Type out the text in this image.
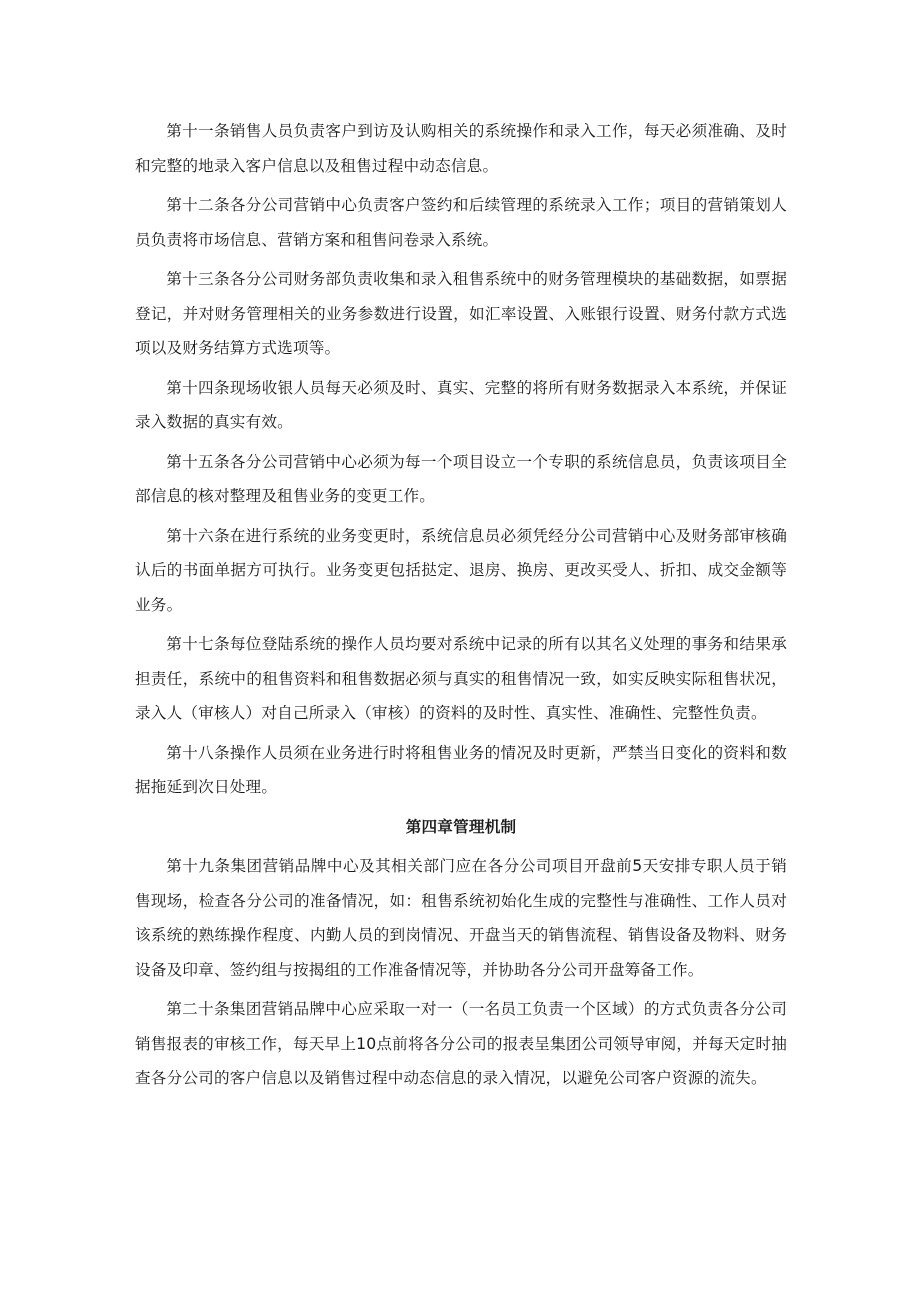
第十一条销售人员负责客户到访及认购相关的系统操作和录入工作，每天必须准确、及时和完整的地录入客户信息以及租售过程中动态信息。

第十二条各分公司营销中心负责客户签约和后续管理的系统录入工作；项目的营销策划人员负责将市场信息、营销方案和租售问卷录入系统。

第十三条各分公司财务部负责收集和录入租售系统中的财务管理模块的基础数据，如票据登记，并对财务管理相关的业务参数进行设置，如汇率设置、入账银行设置、财务付款方式选项以及财务结算方式选项等。

第十四条现场收银人员每天必须及时、真实、完整的将所有财务数据录入本系统，并保证录入数据的真实有效。

第十五条各分公司营销中心必须为每一个项目设立一个专职的系统信息员，负责该项目全部信息的核对整理及租售业务的变更工作。

第十六条在进行系统的业务变更时，系统信息员必须凭经分公司营销中心及财务部审核确认后的书面单据方可执行。业务变更包括挞定、退房、换房、更改买受人、折扣、成交金额等业务。

第十七条每位登陆系统的操作人员均要对系统中记录的所有以其名义处理的事务和结果承担责任，系统中的租售资料和租售数据必须与真实的租售情况一致，如实反映实际租售状况，录入人（审核人）对自己所录入（审核）的资料的及时性、真实性、准确性、完整性负责。

第十八条操作人员须在业务进行时将租售业务的情况及时更新，严禁当日变化的资料和数据拖延到次日处理。

第四章管理机制

第十九条集团营销品牌中心及其相关部门应在各分公司项目开盘前5天安排专职人员于销售现场，检查各分公司的准备情况，如：租售系统初始化生成的完整性与准确性、工作人员对该系统的熟练操作程度、内勤人员的到岗情况、开盘当天的销售流程、销售设备及物料、财务设备及印章、签约组与按揭组的工作准备情况等，并协助各分公司开盘筹备工作。

第二十条集团营销品牌中心应采取一对一（一名员工负责一个区域）的方式负责各分公司销售报表的审核工作，每天早上10点前将各分公司的报表呈集团公司领导审阅，并每天定时抽查各分公司的客户信息以及销售过程中动态信息的录入情况，以避免公司客户资源的流失。
